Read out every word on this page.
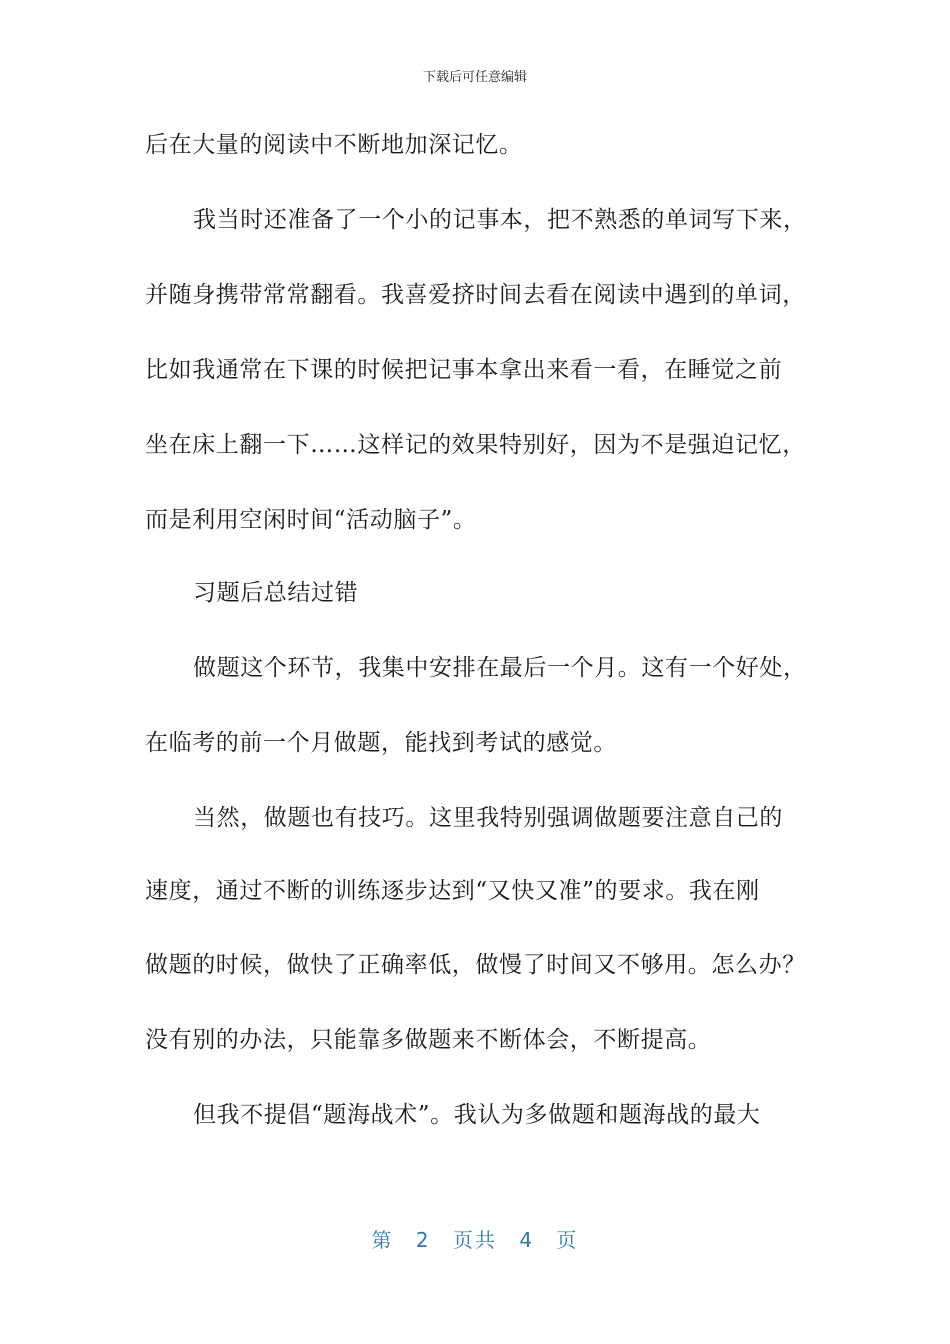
下载后可任意编辑
后在大量的阅读中不断地加深记忆。
我当时还准备了一个小的记事本，把不熟悉的单词写下来，
并随身携带常常翻看。我喜爱挤时间去看在阅读中遇到的单词，
比如我通常在下课的时候把记事本拿出来看一看，在睡觉之前
坐在床上翻一下……这样记的效果特别好，因为不是强迫记忆，
而是利用空闲时间“活动脑子”。
习题后总结过错
做题这个环节，我集中安排在最后一个月。这有一个好处，
在临考的前一个月做题，能找到考试的感觉。
当然，做题也有技巧。这里我特别强调做题要注意自己的
速度，通过不断的训练逐步达到“又快又准”的要求。我在刚
做题的时候，做快了正确率低，做慢了时间又不够用。怎么办？
没有别的办法，只能靠多做题来不断体会，不断提高。
但我不提倡“题海战术”。我认为多做题和题海战的最大
第 2 页共 4 页
